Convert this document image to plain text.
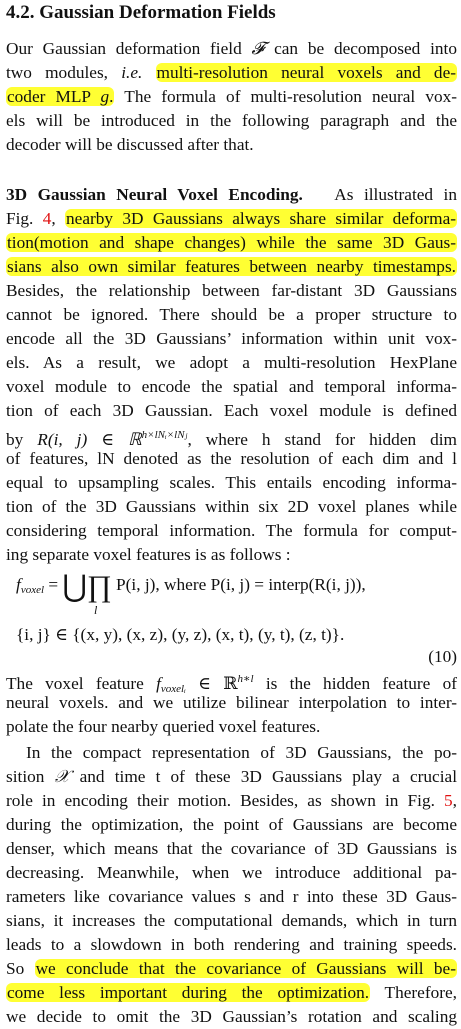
4.2. Gaussian Deformation Fields
Our Gaussian deformation field 𝓕 can be decomposed into
two modules, i.e. multi-resolution neural voxels and de-
coder MLP g. The formula of multi-resolution neural vox-
els will be introduced in the following paragraph and the
decoder will be discussed after that.
3D Gaussian Neural Voxel Encoding. As illustrated in
Fig. 4, nearby 3D Gaussians always share similar deforma-
tion(motion and shape changes) while the same 3D Gaus-
sians also own similar features between nearby timestamps.
Besides, the relationship between far-distant 3D Gaussians
cannot be ignored. There should be a proper structure to
encode all the 3D Gaussians’ information within unit vox-
els. As a result, we adopt a multi-resolution HexPlane
voxel module to encode the spatial and temporal informa-
tion of each 3D Gaussian. Each voxel module is defined
by R(i, j) ∈ ℝ$^{h\times lNᵢ\times lNⱼ}$, where h stand for hidden dim
of features, lN denoted as the resolution of each dim and l
equal to upsampling scales. This entails encoding informa-
tion of the 3D Gaussians within six 2D voxel planes while
considering temporal information. The formula for comput-
ing separate voxel features is as follows :
$f_{voxel}$ = ⋃∏ P(i, j), where P(i, j) = interp(R(i, j)),
l
{i, j} ∈ {(x, y), (x, z), (y, z), (x, t), (y, t), (z, t)}.
(10)
The voxel feature $f_{voxelᵢ}$ ∈ ℝ$^{h∗l}$ is the hidden feature of
neural voxels. and we utilize bilinear interpolation to inter-
polate the four nearby queried voxel features.
In the compact representation of 3D Gaussians, the po-
sition 𝒳 and time t of these 3D Gaussians play a crucial
role in encoding their motion. Besides, as shown in Fig. 5,
during the optimization, the point of Gaussians are become
denser, which means that the covariance of 3D Gaussians is
decreasing. Meanwhile, when we introduce additional pa-
rameters like covariance values s and r into these 3D Gaus-
sians, it increases the computational demands, which in turn
leads to a slowdown in both rendering and training speeds.
So we conclude that the covariance of Gaussians will be-
come less important during the optimization. Therefore,
we decide to omit the 3D Gaussian’s rotation and scaling
